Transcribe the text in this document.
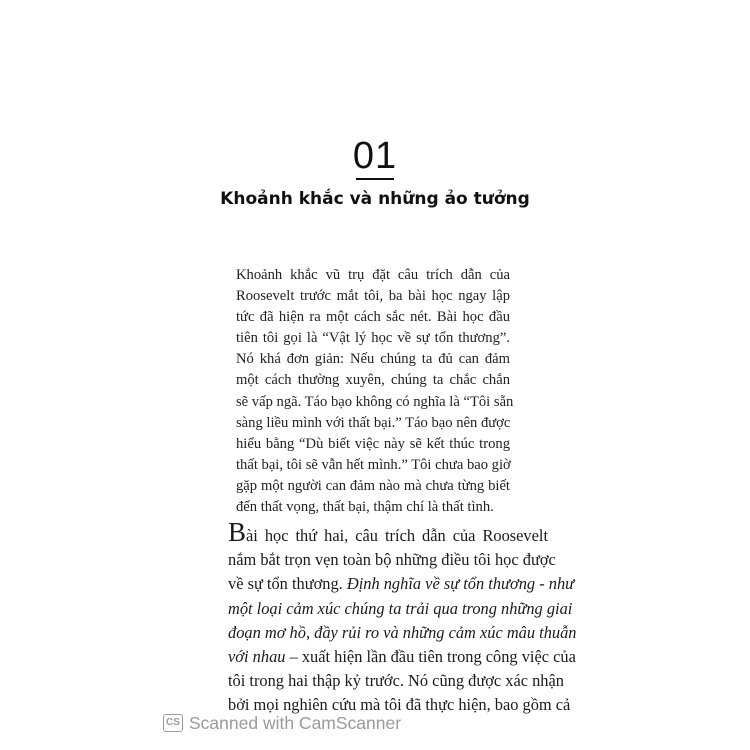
01
Khoảnh khắc và những ảo tưởng
Khoảnh khắc vũ trụ đặt câu trích dẫn của
Roosevelt trước mắt tôi, ba bài học ngay lập
tức đã hiện ra một cách sắc nét. Bài học đầu
tiên tôi gọi là “Vật lý học về sự tổn thương”.
Nó khá đơn giản: Nếu chúng ta đủ can đảm
một cách thường xuyên, chúng ta chắc chắn
sẽ vấp ngã. Táo bạo không có nghĩa là “Tôi sẵn
sàng liều mình với thất bại.” Táo bạo nên được
hiểu bằng “Dù biết việc này sẽ kết thúc trong
thất bại, tôi sẽ vẫn hết mình.” Tôi chưa bao giờ
gặp một người can đảm nào mà chưa từng biết
đến thất vọng, thất bại, thậm chí là thất tình.
Bài học thứ hai, câu trích dẫn của Roosevelt
nắm bắt trọn vẹn toàn bộ những điều tôi học được
về sự tổn thương. Định nghĩa về sự tổn thương - như
một loại cảm xúc chúng ta trải qua trong những giai
đoạn mơ hồ, đầy rủi ro và những cảm xúc mâu thuẫn
với nhau – xuất hiện lần đầu tiên trong công việc của
tôi trong hai thập kỷ trước. Nó cũng được xác nhận
bởi mọi nghiên cứu mà tôi đã thực hiện, bao gồm cả
CS Scanned with CamScanner
